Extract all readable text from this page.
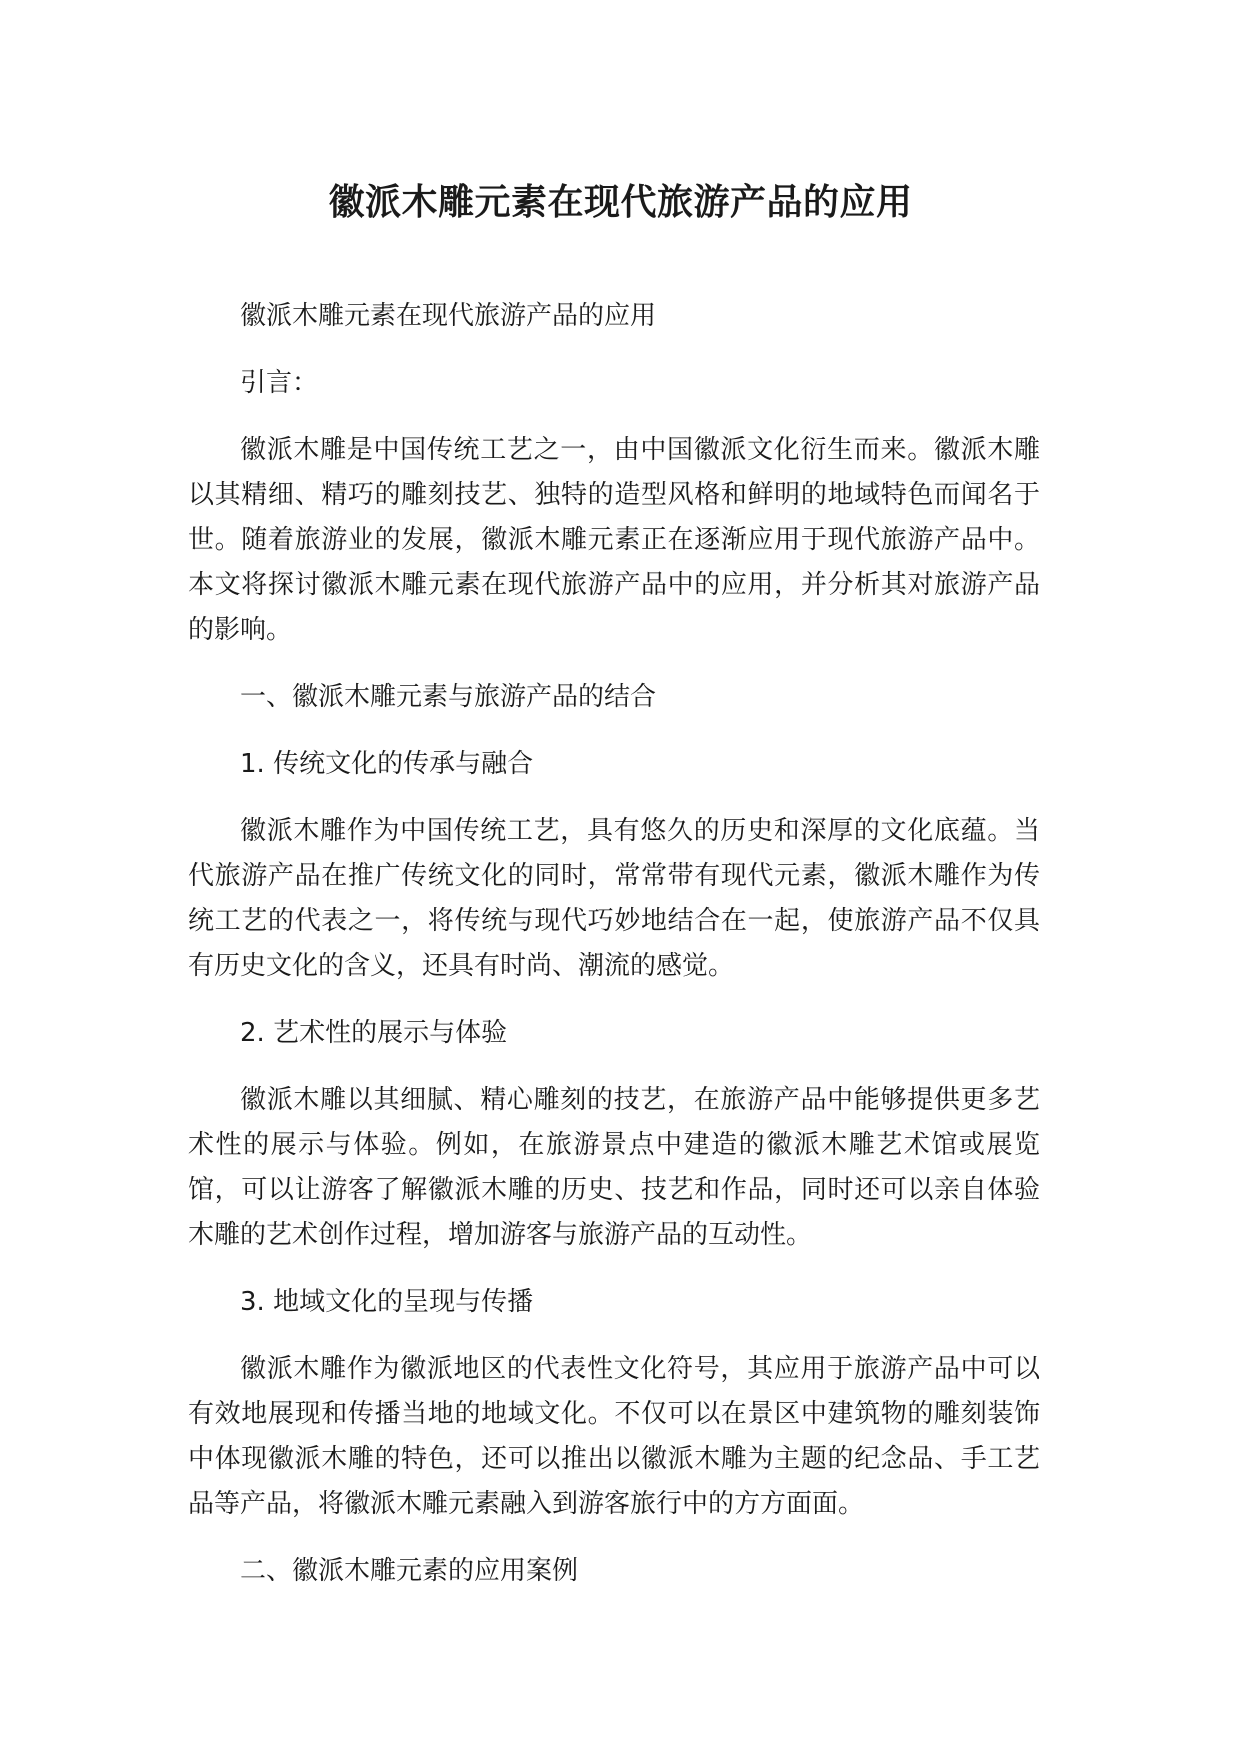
徽派木雕元素在现代旅游产品的应用

徽派木雕元素在现代旅游产品的应用

引言：

徽派木雕是中国传统工艺之一，由中国徽派文化衍生而来。徽派木雕以其精细、精巧的雕刻技艺、独特的造型风格和鲜明的地域特色而闻名于世。随着旅游业的发展，徽派木雕元素正在逐渐应用于现代旅游产品中。本文将探讨徽派木雕元素在现代旅游产品中的应用，并分析其对旅游产品的影响。

一、徽派木雕元素与旅游产品的结合

1. 传统文化的传承与融合

徽派木雕作为中国传统工艺，具有悠久的历史和深厚的文化底蕴。当代旅游产品在推广传统文化的同时，常常带有现代元素，徽派木雕作为传统工艺的代表之一，将传统与现代巧妙地结合在一起，使旅游产品不仅具有历史文化的含义，还具有时尚、潮流的感觉。

2. 艺术性的展示与体验

徽派木雕以其细腻、精心雕刻的技艺，在旅游产品中能够提供更多艺术性的展示与体验。例如，在旅游景点中建造的徽派木雕艺术馆或展览馆，可以让游客了解徽派木雕的历史、技艺和作品，同时还可以亲自体验木雕的艺术创作过程，增加游客与旅游产品的互动性。

3. 地域文化的呈现与传播

徽派木雕作为徽派地区的代表性文化符号，其应用于旅游产品中可以有效地展现和传播当地的地域文化。不仅可以在景区中建筑物的雕刻装饰中体现徽派木雕的特色，还可以推出以徽派木雕为主题的纪念品、手工艺品等产品，将徽派木雕元素融入到游客旅行中的方方面面。

二、徽派木雕元素的应用案例
